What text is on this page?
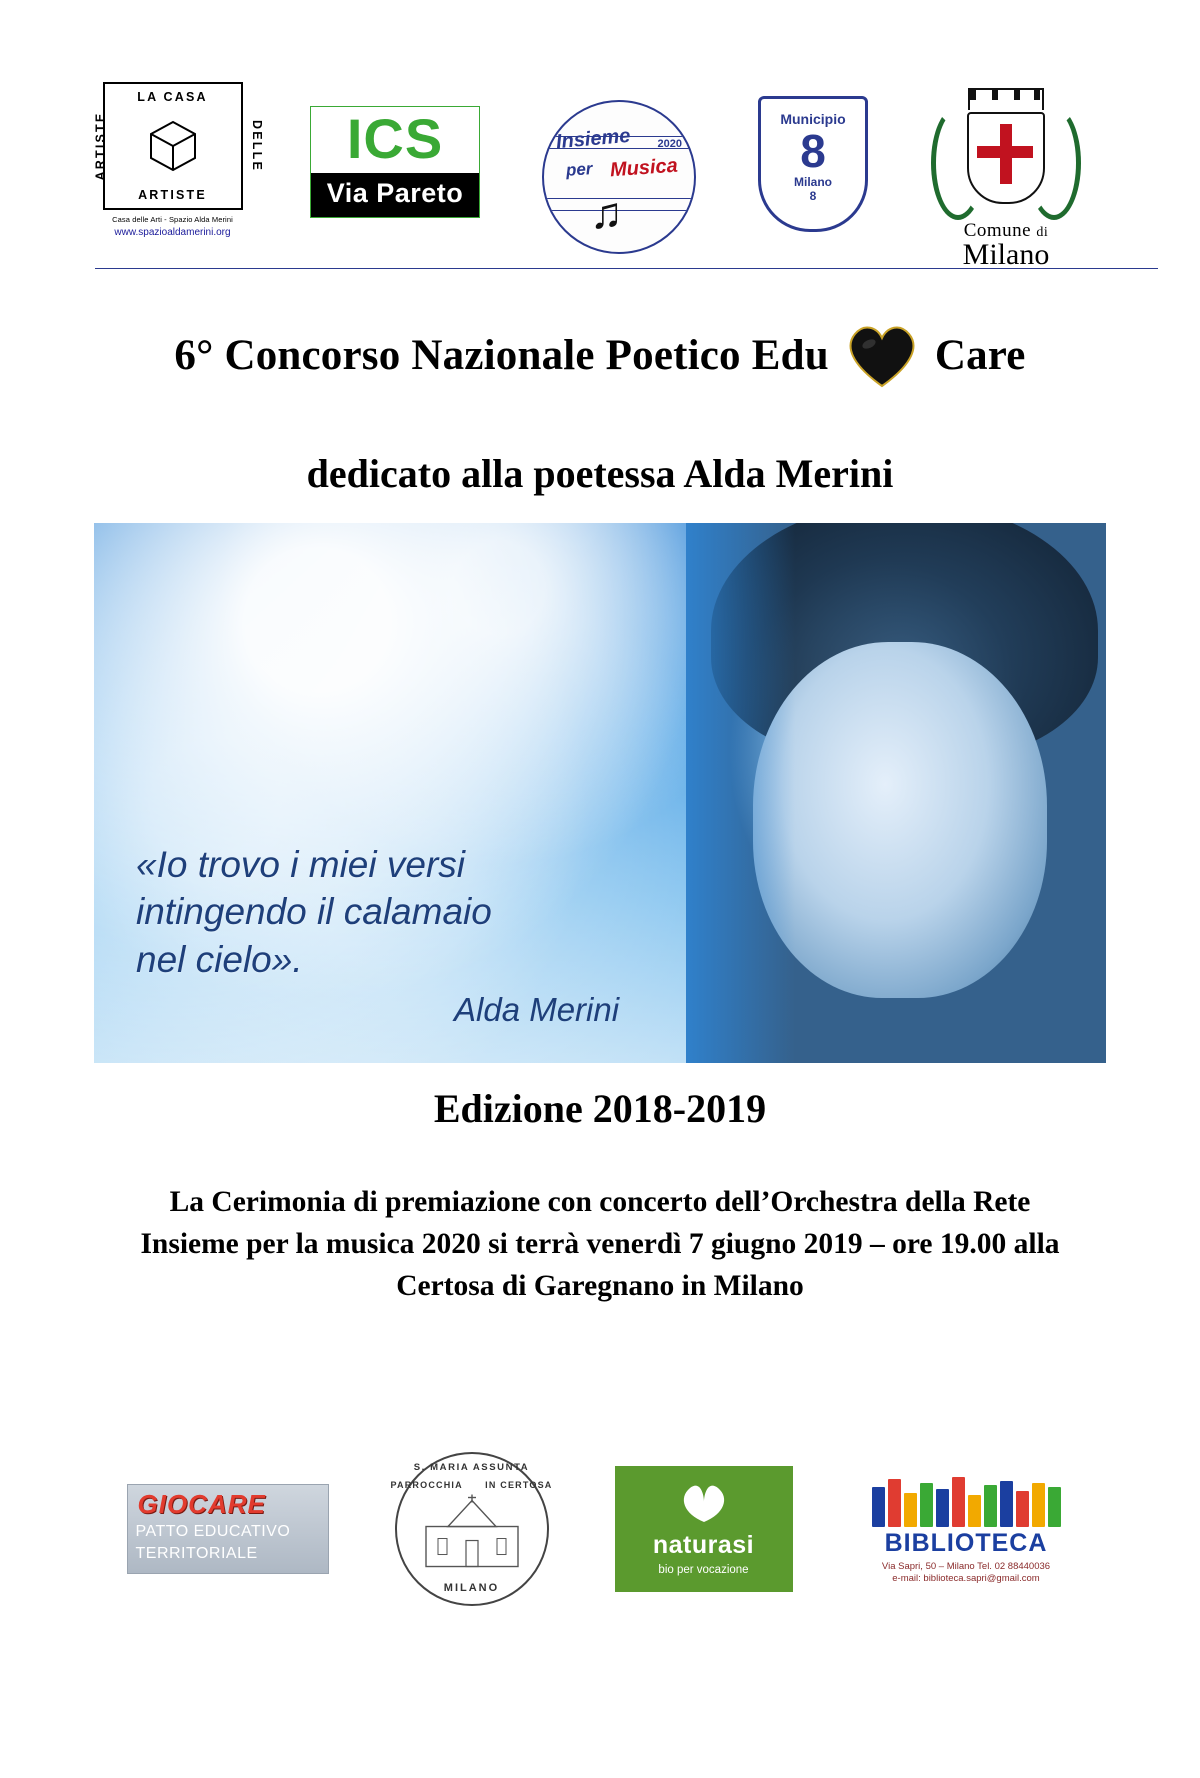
LA CASA
ARTISTE	DELLE
ARTISTE
Casa delle Arti - Spazio Alda Merini
www.spazioaldamerini.org
ICS
Via Pareto
Insieme
per Musica
2020
♫
Municipio
8
Milano
8
Comune di
Milano
6° Concorso Nazionale Poetico Edu Care
dedicato alla poetessa Alda Merini
«Io trovo i miei versi
intingendo il calamaio
nel cielo».
Alda Merini
Edizione 2018-2019
La Cerimonia di premiazione con concerto dell’Orchestra della Rete Insieme per la musica 2020 si terrà venerdì 7 giugno 2019 – ore 19.00 alla Certosa di Garegnano in Milano
GIOCARE
PATTO EDUCATIVO
TERRITORIALE
S. MARIA ASSUNTA
PARROCCHIA IN CERTOSA
MILANO
naturasi
bio per vocazione
BIBLIOTECA
Via Sapri, 50 – Milano Tel. 02 88440036
e-mail: biblioteca.sapri@gmail.com
